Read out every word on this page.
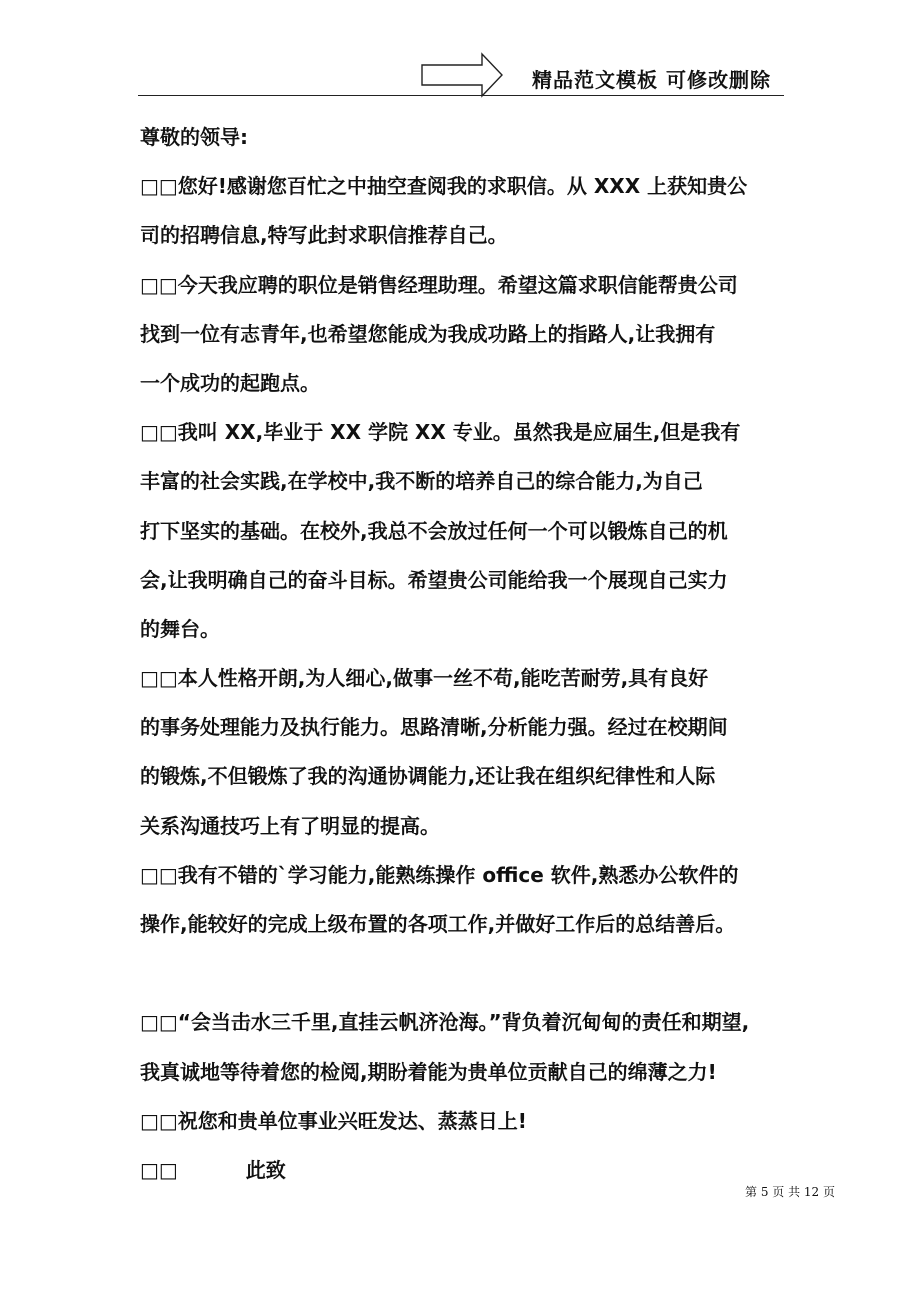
精品范文模板 可修改删除
尊敬的领导:
□□您好!感谢您百忙之中抽空查阅我的求职信。从 XXX 上获知贵公
司的招聘信息,特写此封求职信推荐自己。
□□今天我应聘的职位是销售经理助理。希望这篇求职信能帮贵公司
找到一位有志青年,也希望您能成为我成功路上的指路人,让我拥有
一个成功的起跑点。
□□我叫 XX,毕业于 XX 学院 XX 专业。虽然我是应届生,但是我有
丰富的社会实践,在学校中,我不断的培养自己的综合能力,为自己
打下坚实的基础。在校外,我总不会放过任何一个可以锻炼自己的机
会,让我明确自己的奋斗目标。希望贵公司能给我一个展现自己实力
的舞台。
□□本人性格开朗,为人细心,做事一丝不苟,能吃苦耐劳,具有良好
的事务处理能力及执行能力。思路清晰,分析能力强。经过在校期间
的锻炼,不但锻炼了我的沟通协调能力,还让我在组织纪律性和人际
关系沟通技巧上有了明显的提高。
□□我有不错的`学习能力,能熟练操作 office 软件,熟悉办公软件的
操作,能较好的完成上级布置的各项工作,并做好工作后的总结善后。
□□“会当击水三千里,直挂云帆济沧海。”背负着沉甸甸的责任和期望,
我真诚地等待着您的检阅,期盼着能为贵单位贡献自己的绵薄之力!
□□祝您和贵单位事业兴旺发达、蒸蒸日上!
□□	此致
第 5 页 共 12 页
